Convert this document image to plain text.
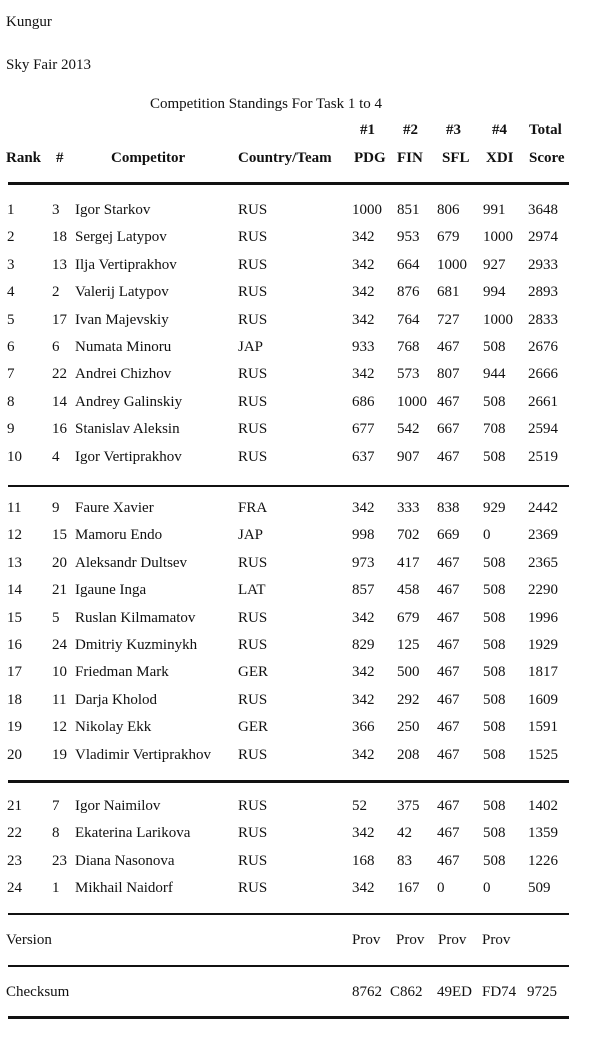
Kungur
Sky Fair 2013
Competition Standings For Task 1 to 4
#1 #2 #3 #4 Total
Rank #	Competitor	Country/Team PDG FIN SFL XDI Score
1	3 Igor Starkov	RUS	1000 851 806 991 3648
2	18 Sergej Latypov	RUS	342 953 679 1000 2974
3	13 Ilja Vertiprakhov	RUS	342 664 1000 927 2933
4	2 Valerij Latypov	RUS	342 876 681 994 2893
5	17 Ivan Majevskiy	RUS	342 764 727 1000 2833
6	6 Numata Minoru	JAP	933 768 467 508 2676
7	22 Andrei Chizhov	RUS	342 573 807 944 2666
8	14 Andrey Galinskiy	RUS	686 1000 467 508 2661
9	16 Stanislav Aleksin	RUS	677 542 667 708 2594
10 4 Igor Vertiprakhov	RUS	637 907 467 508 2519
11 9 Faure Xavier	FRA	342 333 838 929 2442
12 15 Mamoru Endo	JAP	998 702 669 0	2369
13 20 Aleksandr Dultsev	RUS	973 417 467 508 2365
14 21 Igaune Inga	LAT	857 458 467 508 2290
15 5 Ruslan Kilmamatov	RUS	342 679 467 508 1996
16 24 Dmitriy Kuzminykh	RUS	829 125 467 508 1929
17 10 Friedman Mark	GER	342 500 467 508 1817
18 11 Darja Kholod	RUS	342 292 467 508 1609
19 12 Nikolay Ekk	GER	366 250 467 508 1591
20 19 Vladimir Vertiprakhov RUS	342 208 467 508 1525
21 7 Igor Naimilov	RUS	52 375 467 508 1402
22 8 Ekaterina Larikova	RUS	342 42 467 508 1359
23 23 Diana Nasonova	RUS	168 83 467 508 1226
24 1 Mikhail Naidorf	RUS	342 167 0	0	509
Version	Prov Prov Prov Prov
Checksum	8762 C862 49ED FD74 9725
